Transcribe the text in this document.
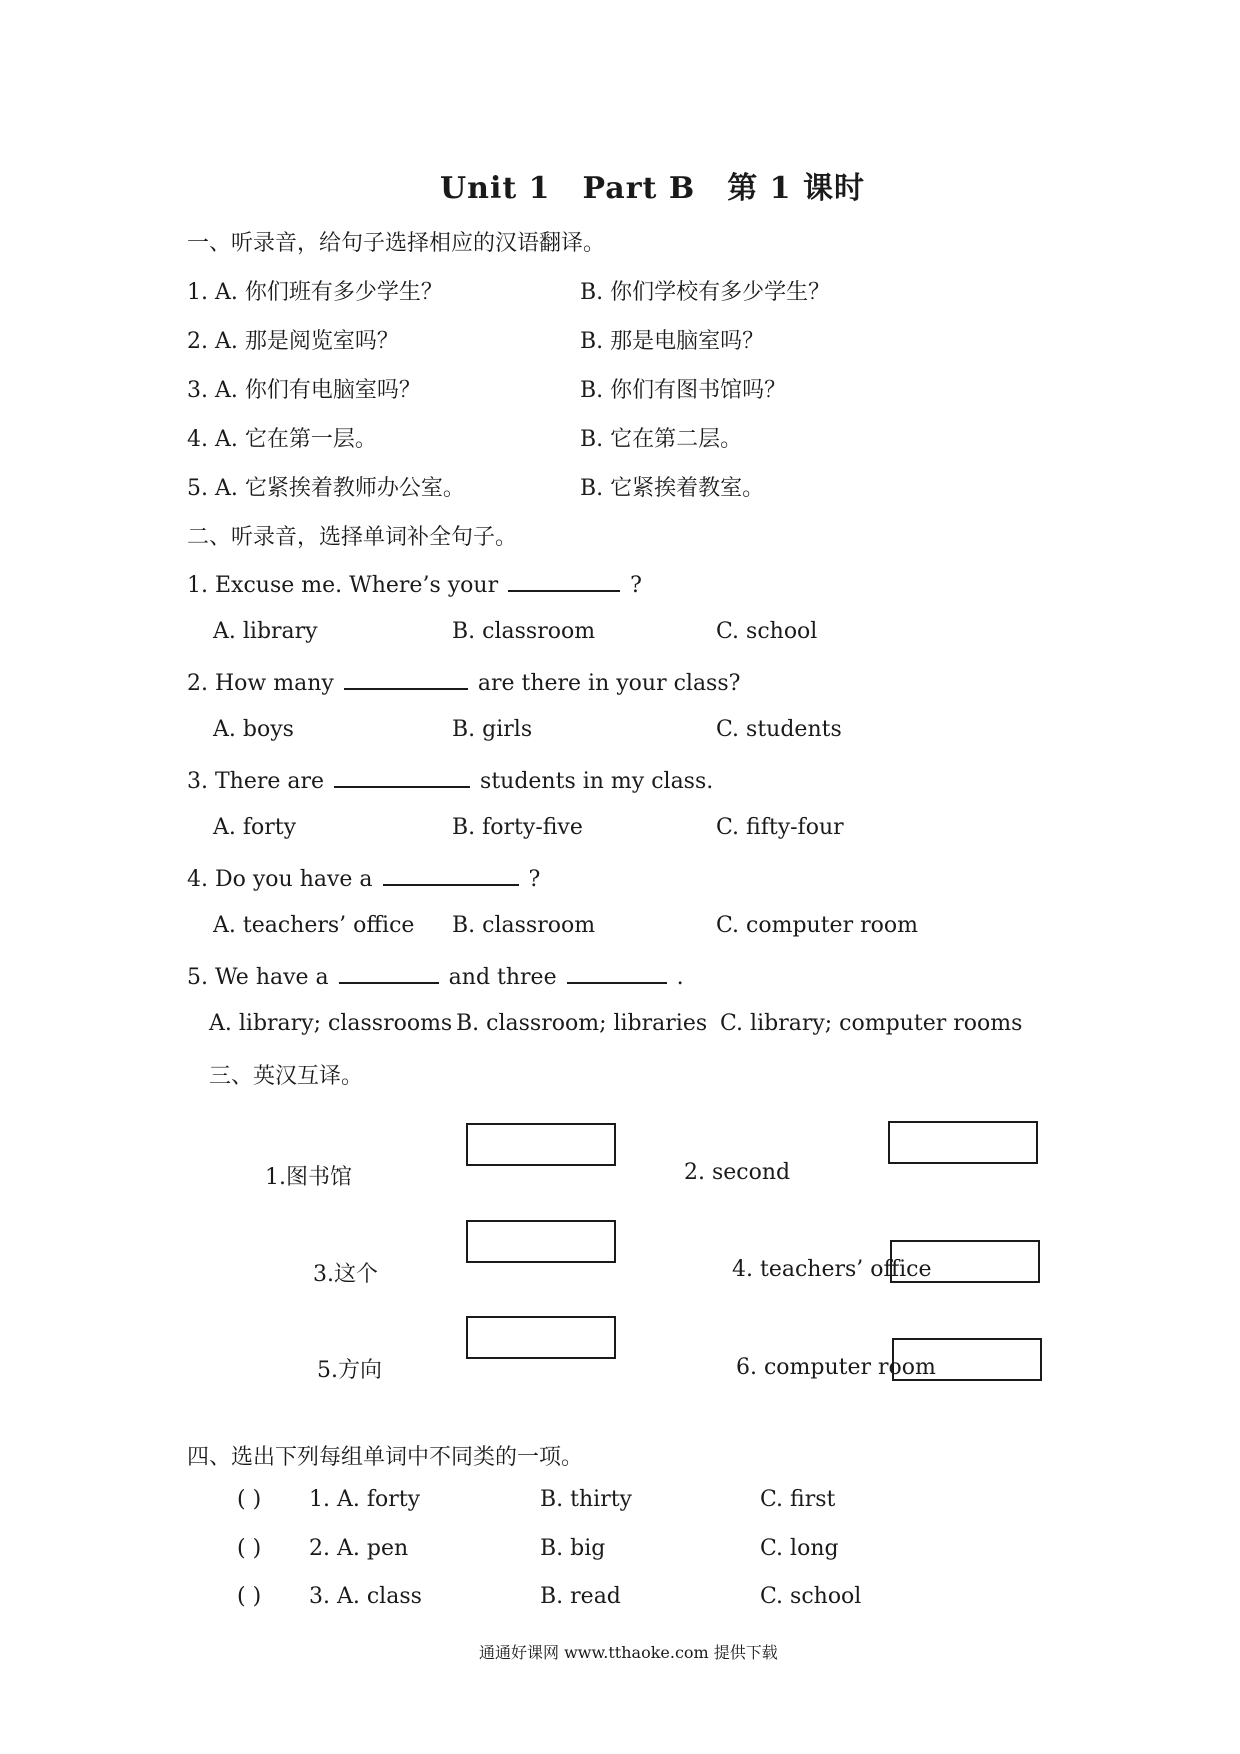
Unit 1 Part B 第 1 课时
一、听录音，给句子选择相应的汉语翻译。
1. A. 你们班有多少学生？	B. 你们学校有多少学生？
2. A. 那是阅览室吗？	B. 那是电脑室吗？
3. A. 你们有电脑室吗？	B. 你们有图书馆吗？
4. A. 它在第一层。	B. 它在第二层。
5. A. 它紧挨着教师办公室。	B. 它紧挨着教室。
二、听录音，选择单词补全句子。
1. Excuse me. Where’s your	?
A. library	B. classroom	C. school
2. How many	are there in your class?
A. boys	B. girls	C. students
3. There are	students in my class.
A. forty	B. forty-five	C. fifty-four
4. Do you have a	?
A. teachers’ office B. classroom	C. computer room
5. We have a	and three	.
A. library; classrooms B. classroom; libraries C. library; computer rooms
三、英汉互译。
1.图书馆	2. second
3.这个	4. teachers’ office
5.方向	6. computer room
四、选出下列每组单词中不同类的一项。
( ) 1. A. forty	B. thirty	C. first
( ) 2. A. pen	B. big	C. long
( ) 3. A. class	B. read	C. school
通通好课网 www.tthaoke.com 提供下载
